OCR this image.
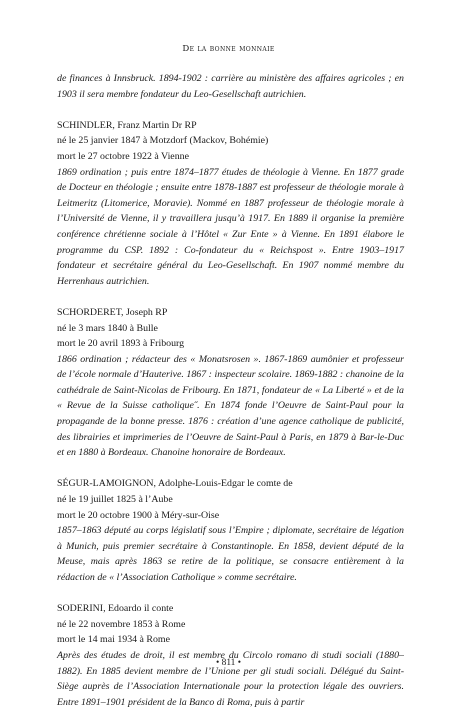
De la bonne monnaie

de finances à Innsbruck. 1894-1902 : carrière au ministère des affaires agricoles ; en 1903 il sera membre fondateur du Leo-Gesellschaft autrichien.

SCHINDLER, Franz Martin Dr RP

né le 25 janvier 1847 à Motzdorf (Mackov, Bohémie)

mort le 27 octobre 1922 à Vienne

1869 ordination ; puis entre 1874–1877 études de théologie à Vienne. En 1877 grade de Docteur en théologie ; ensuite entre 1878-1887 est professeur de théologie morale à Leitmeritz (Litomerice, Moravie). Nommé en 1887 professeur de théologie morale à l’Université de Vienne, il y travaillera jusqu’à 1917. En 1889 il organise la première conférence chrétienne sociale à l’Hôtel « Zur Ente » à Vienne. En 1891 élabore le programme du CSP. 1892 : Co-fondateur du « Reichspost ». Entre 1903–1917 fondateur et secrétaire général du Leo-Gesellschaft. En 1907 nommé membre du Herrenhaus autrichien.

SCHORDERET, Joseph RP

né le 3 mars 1840 à Bulle

mort le 20 avril 1893 à Fribourg

1866 ordination ; rédacteur des « Monatsrosen ». 1867-1869 aumônier et professeur de l’école normale d’Hauterive. 1867 : inspecteur scolaire. 1869-1882 : chanoine de la cathédrale de Saint-Nicolas de Fribourg. En 1871, fondateur de « La Liberté » et de la « Revue de la Suisse catholique˝. En 1874 fonde l’Oeuvre de Saint-Paul pour la propagande de la bonne presse. 1876 : création d’une agence catholique de publicité, des librairies et imprimeries de l’Oeuvre de Saint-Paul à Paris, en 1879 à Bar-le-Duc et en 1880 à Bordeaux. Chanoine honoraire de Bordeaux.

SÉGUR-LAMOIGNON, Adolphe-Louis-Edgar le comte de

né le 19 juillet 1825 à l’Aube

mort le 20 octobre 1900 à Méry-sur-Oise

1857–1863 député au corps législatif sous l’Empire ; diplomate, secrétaire de légation à Munich, puis premier secrétaire à Constantinople. En 1858, devient député de la Meuse, mais après 1863 se retire de la politique, se consacre entièrement à la rédaction de « l’Association Catholique » comme secrétaire.

SODERINI, Edoardo il conte

né le 22 novembre 1853 à Rome

mort le 14 mai 1934 à Rome

Après des études de droit, il est membre du Circolo romano di studi sociali (1880–1882). En 1885 devient membre de l’Unione per gli studi sociali. Délégué du Saint-Siège auprès de l’Association Internationale pour la protection légale des ouvriers. Entre 1891–1901 président de la Banco di Roma, puis à partir

• 811 •
